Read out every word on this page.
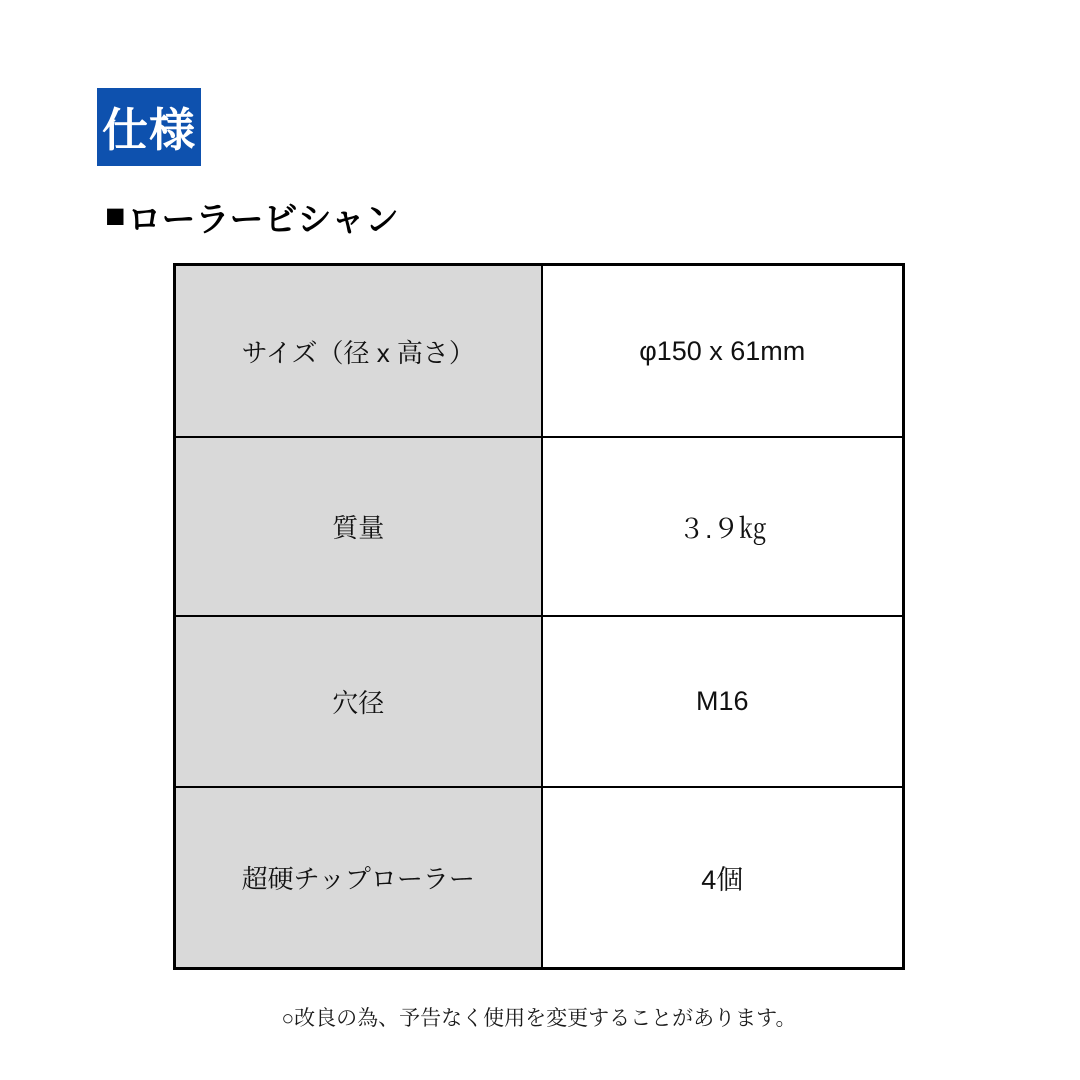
仕様
■ ローラービシャン
サイズ（径 x 高さ）	φ150 x 61mm
質量	３.９㎏
穴径	M16
超硬チップローラー	4個
○改良の為、予告なく使用を変更することがあります。
